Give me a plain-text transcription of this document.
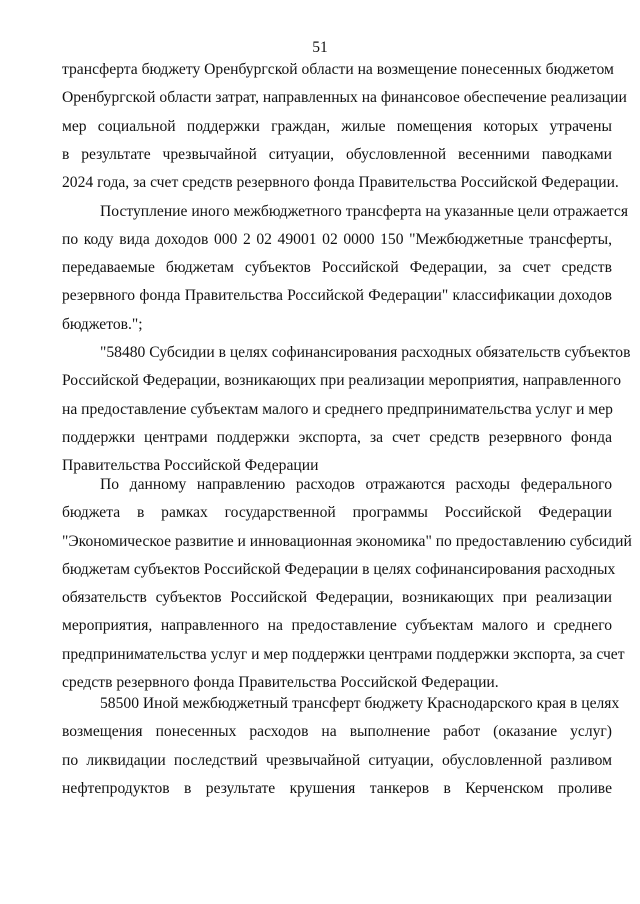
51
трансферта бюджету Оренбургской области на возмещение понесенных бюджетом
Оренбургской области затрат, направленных на финансовое обеспечение реализации
мер социальной поддержки граждан, жилые помещения которых утрачены
в результате чрезвычайной ситуации, обусловленной весенними паводками
2024 года, за счет средств резервного фонда Правительства Российской Федерации.
Поступление иного межбюджетного трансферта на указанные цели отражается
по коду вида доходов 000 2 02 49001 02 0000 150 "Межбюджетные трансферты,
передаваемые бюджетам субъектов Российской Федерации, за счет средств
резервного фонда Правительства Российской Федерации" классификации доходов
бюджетов.";
"58480 Субсидии в целях софинансирования расходных обязательств субъектов
Российской Федерации, возникающих при реализации мероприятия, направленного
на предоставление субъектам малого и среднего предпринимательства услуг и мер
поддержки центрами поддержки экспорта, за счет средств резервного фонда
Правительства Российской Федерации
По данному направлению расходов отражаются расходы федерального
бюджета в рамках государственной программы Российской Федерации
"Экономическое развитие и инновационная экономика" по предоставлению субсидий
бюджетам субъектов Российской Федерации в целях софинансирования расходных
обязательств субъектов Российской Федерации, возникающих при реализации
мероприятия, направленного на предоставление субъектам малого и среднего
предпринимательства услуг и мер поддержки центрами поддержки экспорта, за счет
средств резервного фонда Правительства Российской Федерации.
58500 Иной межбюджетный трансферт бюджету Краснодарского края в целях
возмещения понесенных расходов на выполнение работ (оказание услуг)
по ликвидации последствий чрезвычайной ситуации, обусловленной разливом
нефтепродуктов в результате крушения танкеров в Керченском проливе
